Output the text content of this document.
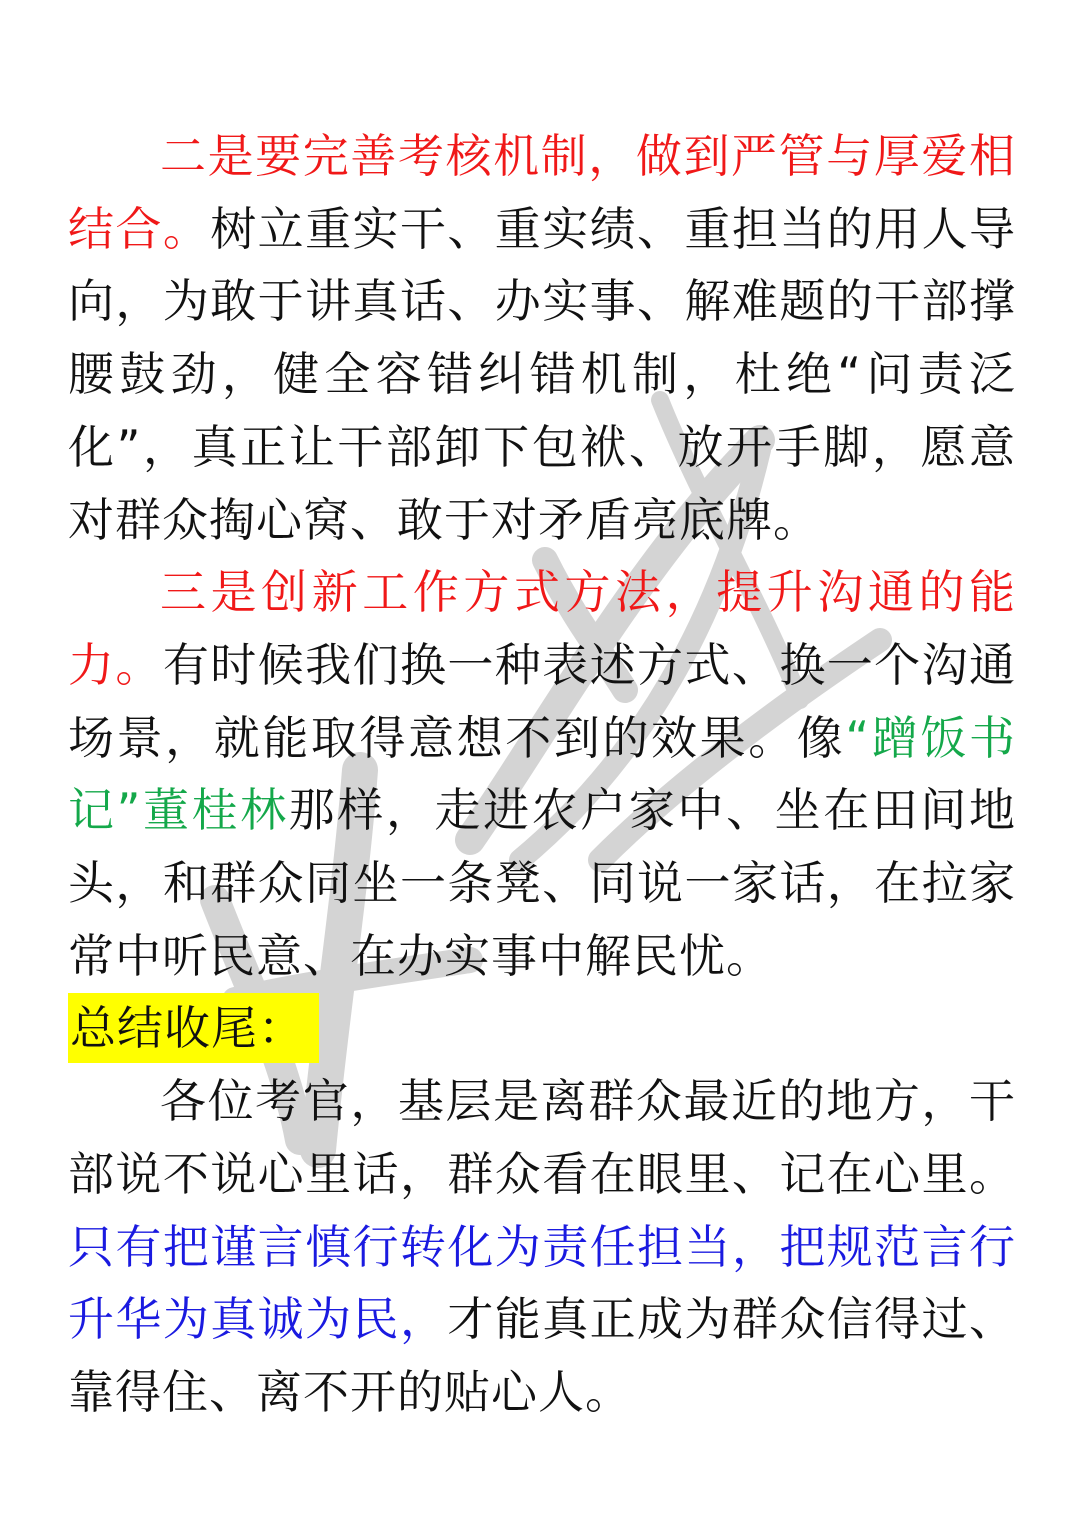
二是要完善考核机制，做到严管与厚爱相结合。树立重实干、重实绩、重担当的用人导向，为敢于讲真话、办实事、解难题的干部撑腰鼓劲，健全容错纠错机制，杜绝“问责泛化”，真正让干部卸下包袱、放开手脚，愿意对群众掏心窝、敢于对矛盾亮底牌。

三是创新工作方式方法，提升沟通的能力。有时候我们换一种表述方式、换一个沟通场景，就能取得意想不到的效果。像“蹭饭书记”董桂林那样，走进农户家中、坐在田间地头，和群众同坐一条凳、同说一家话，在拉家常中听民意、在办实事中解民忧。

总结收尾：

各位考官，基层是离群众最近的地方，干部说不说心里话，群众看在眼里、记在心里。只有把谨言慎行转化为责任担当，把规范言行升华为真诚为民，才能真正成为群众信得过、靠得住、离不开的贴心人。
